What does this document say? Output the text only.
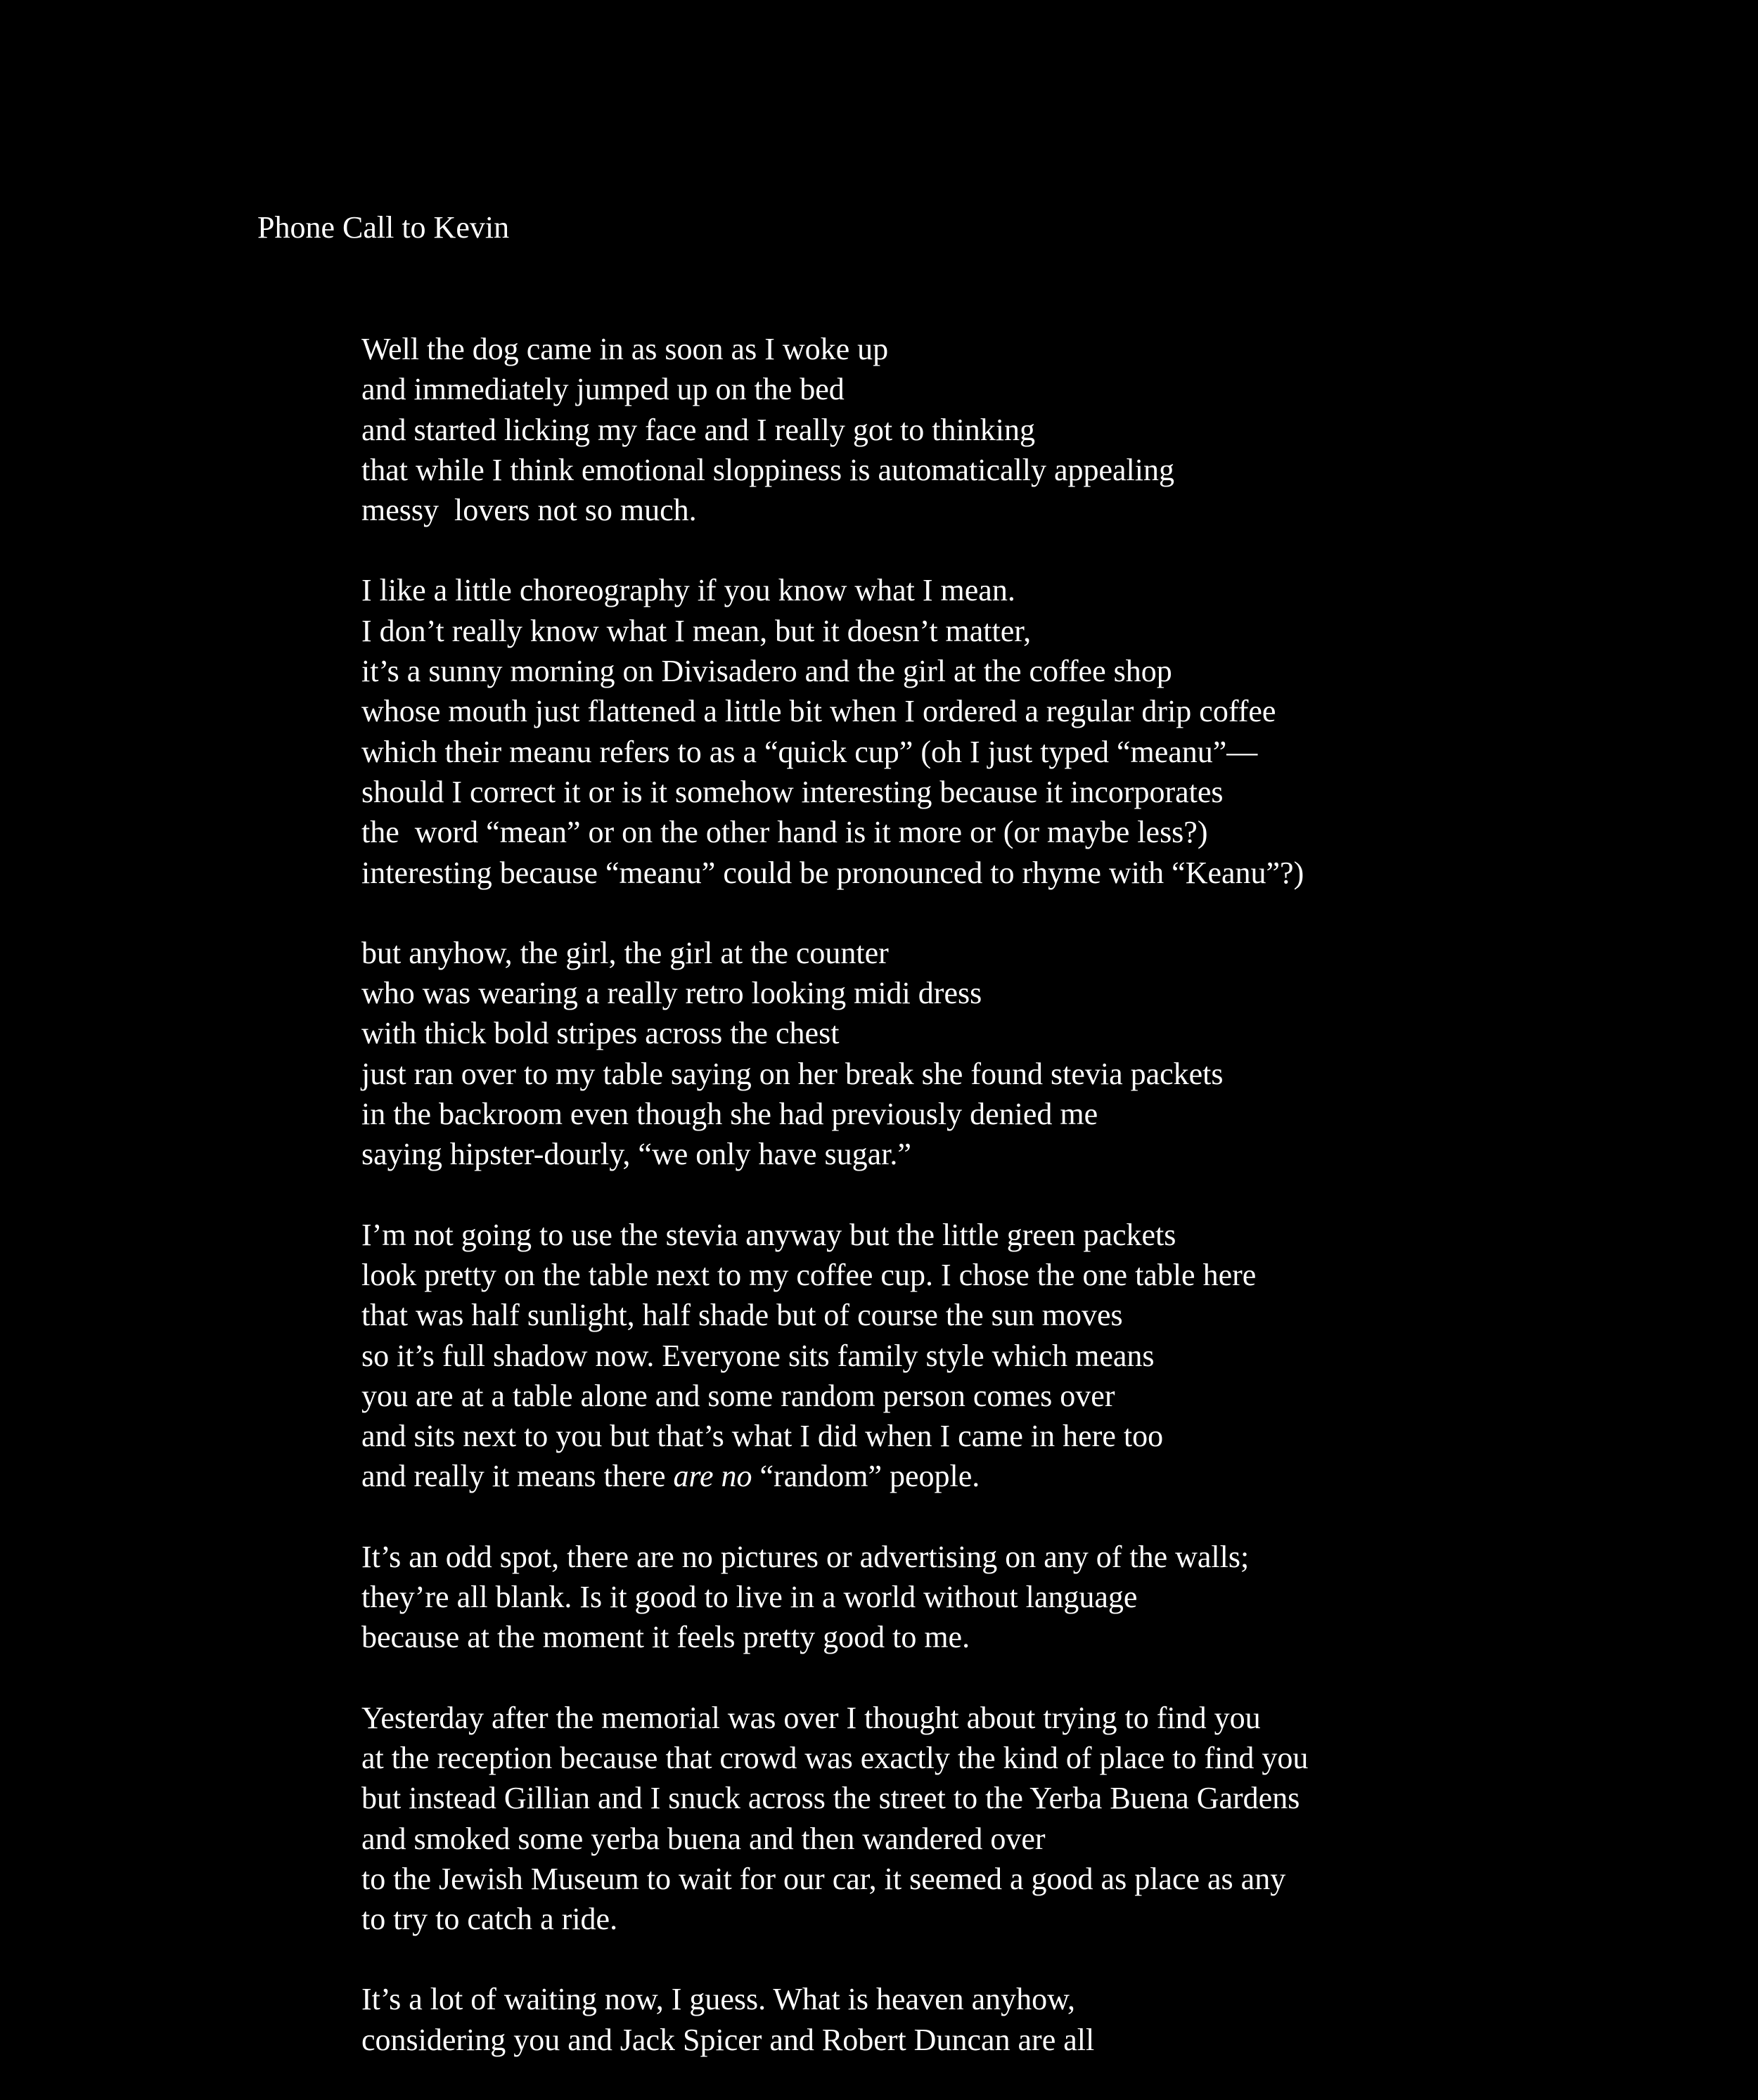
Phone Call to Kevin
Well the dog came in as soon as I woke up
and immediately jumped up on the bed
and started licking my face and I really got to thinking
that while I think emotional sloppiness is automatically appealing
messy  lovers not so much.
I like a little choreography if you know what I mean.
I don’t really know what I mean, but it doesn’t matter,
it’s a sunny morning on Divisadero and the girl at the coffee shop
whose mouth just flattened a little bit when I ordered a regular drip coffee
which their meanu refers to as a “quick cup” (oh I just typed “meanu”—
should I correct it or is it somehow interesting because it incorporates
the  word “mean” or on the other hand is it more or (or maybe less?)
interesting because “meanu” could be pronounced to rhyme with “Keanu”?)
but anyhow, the girl, the girl at the counter
who was wearing a really retro looking midi dress
with thick bold stripes across the chest
just ran over to my table saying on her break she found stevia packets
in the backroom even though she had previously denied me
saying hipster-dourly, “we only have sugar.”
I’m not going to use the stevia anyway but the little green packets
look pretty on the table next to my coffee cup. I chose the one table here
that was half sunlight, half shade but of course the sun moves
so it’s full shadow now. Everyone sits family style which means
you are at a table alone and some random person comes over
and sits next to you but that’s what I did when I came in here too
and really it means there are no “random” people.
It’s an odd spot, there are no pictures or advertising on any of the walls;
they’re all blank. Is it good to live in a world without language
because at the moment it feels pretty good to me.
Yesterday after the memorial was over I thought about trying to find you
at the reception because that crowd was exactly the kind of place to find you
but instead Gillian and I snuck across the street to the Yerba Buena Gardens
and smoked some yerba buena and then wandered over
to the Jewish Museum to wait for our car, it seemed a good as place as any
to try to catch a ride.
It’s a lot of waiting now, I guess. What is heaven anyhow,
considering you and Jack Spicer and Robert Duncan are all
